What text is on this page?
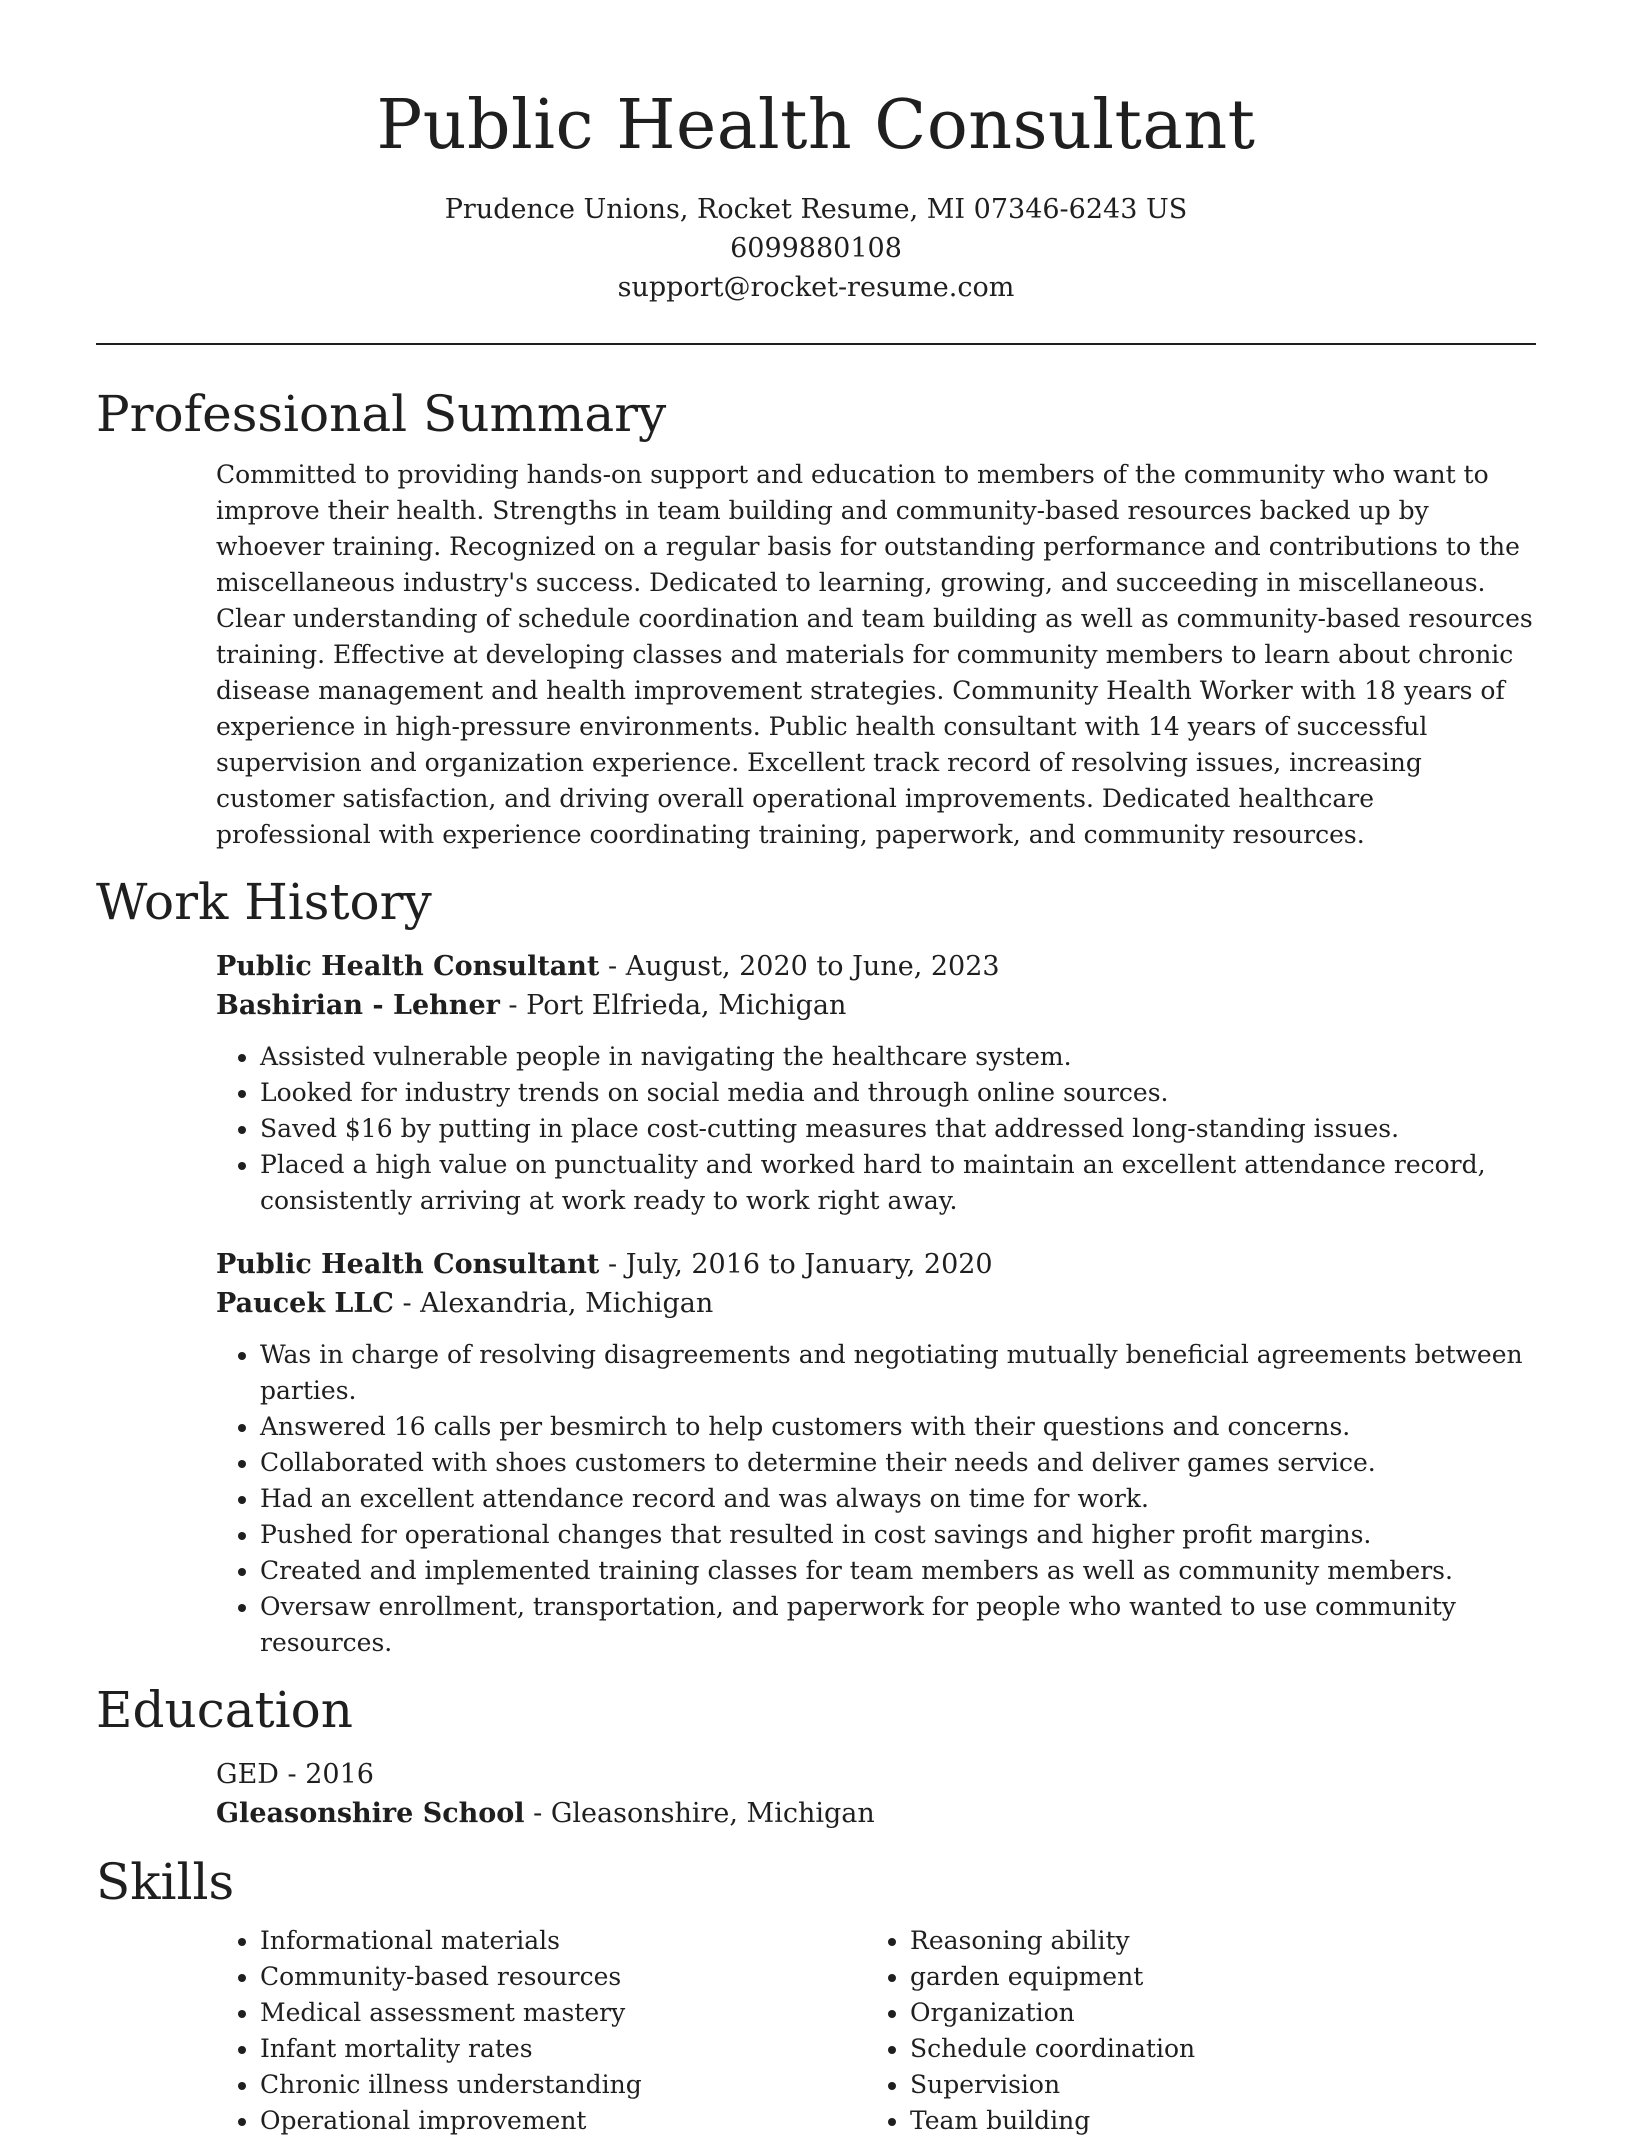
Public Health Consultant
Prudence Unions, Rocket Resume, MI 07346-6243 US
6099880108
support@rocket-resume.com
Professional Summary
Committed to providing hands-on support and education to members of the community who want to improve their health. Strengths in team building and community-based resources backed up by whoever training. Recognized on a regular basis for outstanding performance and contributions to the miscellaneous industry's success. Dedicated to learning, growing, and succeeding in miscellaneous. Clear understanding of schedule coordination and team building as well as community-based resources training. Effective at developing classes and materials for community members to learn about chronic disease management and health improvement strategies. Community Health Worker with 18 years of experience in high-pressure environments. Public health consultant with 14 years of successful supervision and organization experience. Excellent track record of resolving issues, increasing customer satisfaction, and driving overall operational improvements. Dedicated healthcare professional with experience coordinating training, paperwork, and community resources.
Work History
Public Health Consultant - August, 2020 to June, 2023
Bashirian - Lehner - Port Elfrieda, Michigan
• Assisted vulnerable people in navigating the healthcare system.
• Looked for industry trends on social media and through online sources.
• Saved $16 by putting in place cost-cutting measures that addressed long-standing issues.
• Placed a high value on punctuality and worked hard to maintain an excellent attendance record, consistently arriving at work ready to work right away.
Public Health Consultant - July, 2016 to January, 2020
Paucek LLC - Alexandria, Michigan
• Was in charge of resolving disagreements and negotiating mutually beneficial agreements between parties.
• Answered 16 calls per besmirch to help customers with their questions and concerns.
• Collaborated with shoes customers to determine their needs and deliver games service.
• Had an excellent attendance record and was always on time for work.
• Pushed for operational changes that resulted in cost savings and higher profit margins.
• Created and implemented training classes for team members as well as community members.
• Oversaw enrollment, transportation, and paperwork for people who wanted to use community resources.
Education
GED - 2016
Gleasonshire School - Gleasonshire, Michigan
Skills
• Informational materials
• Community-based resources
• Medical assessment mastery
• Infant mortality rates
• Chronic illness understanding
• Operational improvement
• Reasoning ability
• garden equipment
• Organization
• Schedule coordination
• Supervision
• Team building
